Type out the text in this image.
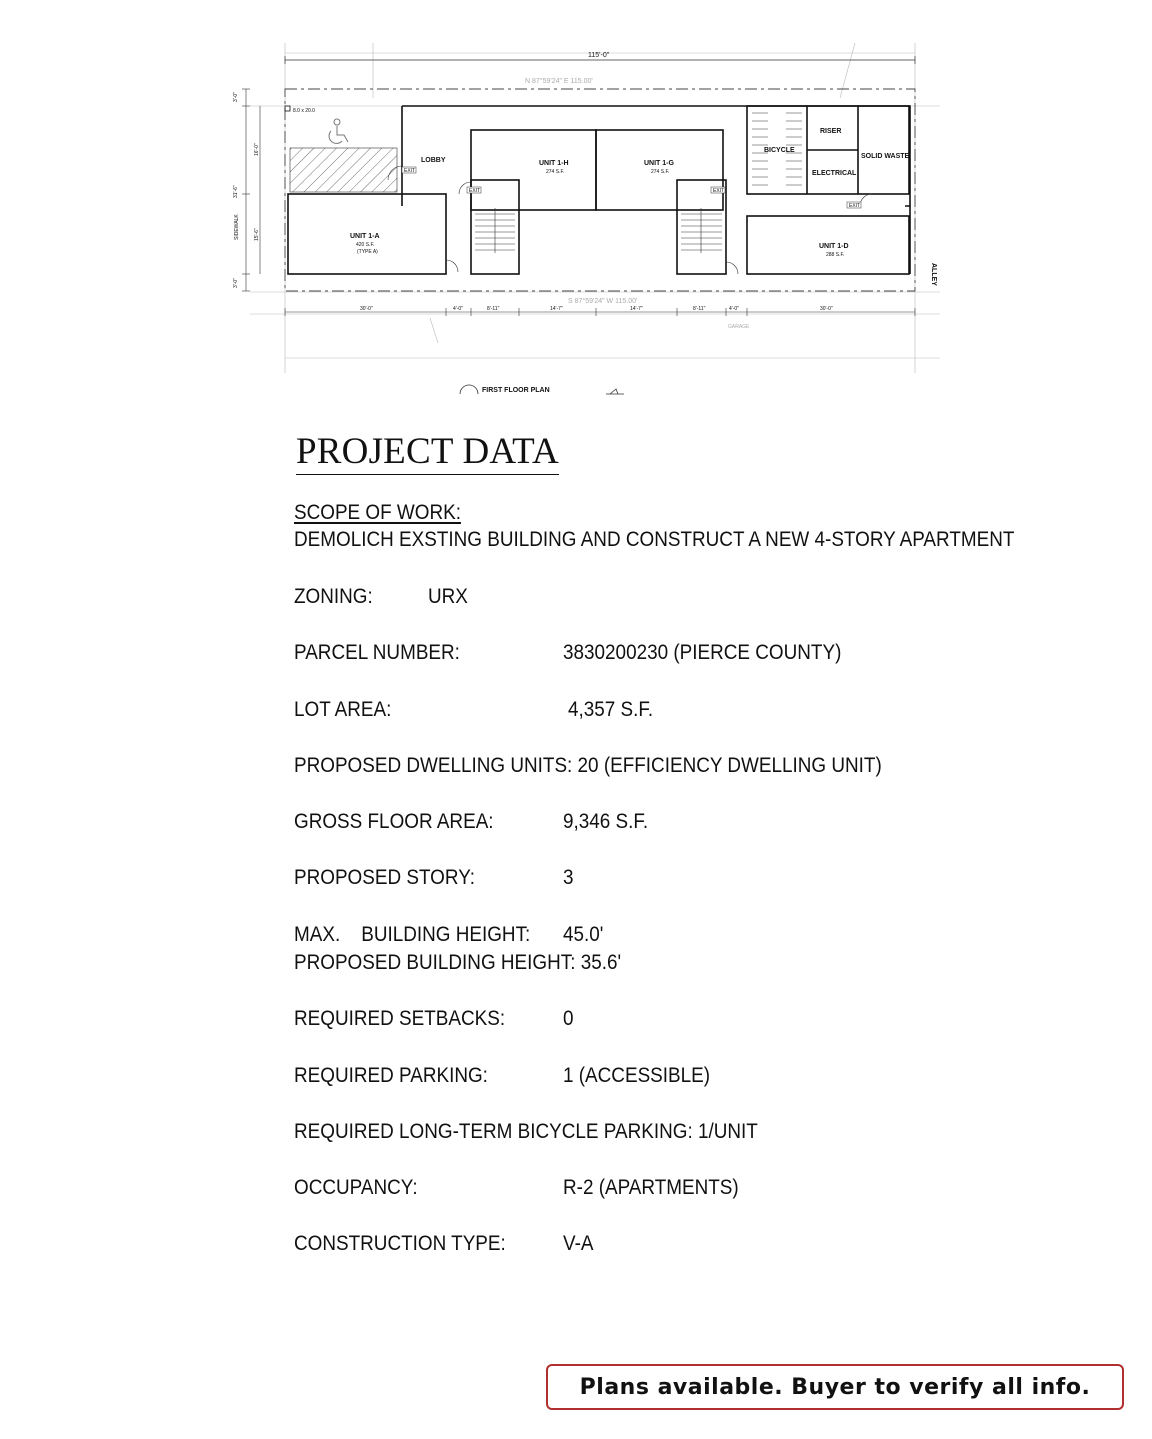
115'-0"
N 87°59'24" E 115.00'
8.0 x 20.0
LOBBY
UNIT 1-A
420 S.F.
(TYPE A)
UNIT 1-H
274 S.F.
UNIT 1-G
274 S.F.
UNIT 1-D
288 S.F.
BICYCLE
RISER
ELECTRICAL
SOLID WASTE
EXIT
EXIT	EXIT
EXIT
SIDEWALK
ALLEY
GARAGE
S 87°59'24" W 115.00'
3'-0"
16'-0"
31'-6"
15'-6"
3'-0"
30'-0"	4'-0"	8'-11"	14'-7"	14'-7"	8'-11"	4'-0"	30'-0"
FIRST FLOOR PLAN
PROJECT DATA
SCOPE OF WORK:
DEMOLICH EXSTING BUILDING AND CONSTRUCT A NEW 4-STORY APARTMENT
ZONING:	URX
PARCEL NUMBER:	3830200230 (PIERCE COUNTY)
LOT AREA:	4,357 S.F.
PROPOSED DWELLING UNITS: 20 (EFFICIENCY DWELLING UNIT)
GROSS FLOOR AREA:	9,346 S.F.
PROPOSED STORY:	3
MAX.    BUILDING HEIGHT: 45.0'
PROPOSED BUILDING HEIGHT: 35.6'
REQUIRED SETBACKS:	0
REQUIRED PARKING:	1 (ACCESSIBLE)
REQUIRED LONG-TERM BICYCLE PARKING: 1/UNIT
OCCUPANCY:	R-2 (APARTMENTS)
CONSTRUCTION TYPE:	V-A
Plans available. Buyer to verify all info.
